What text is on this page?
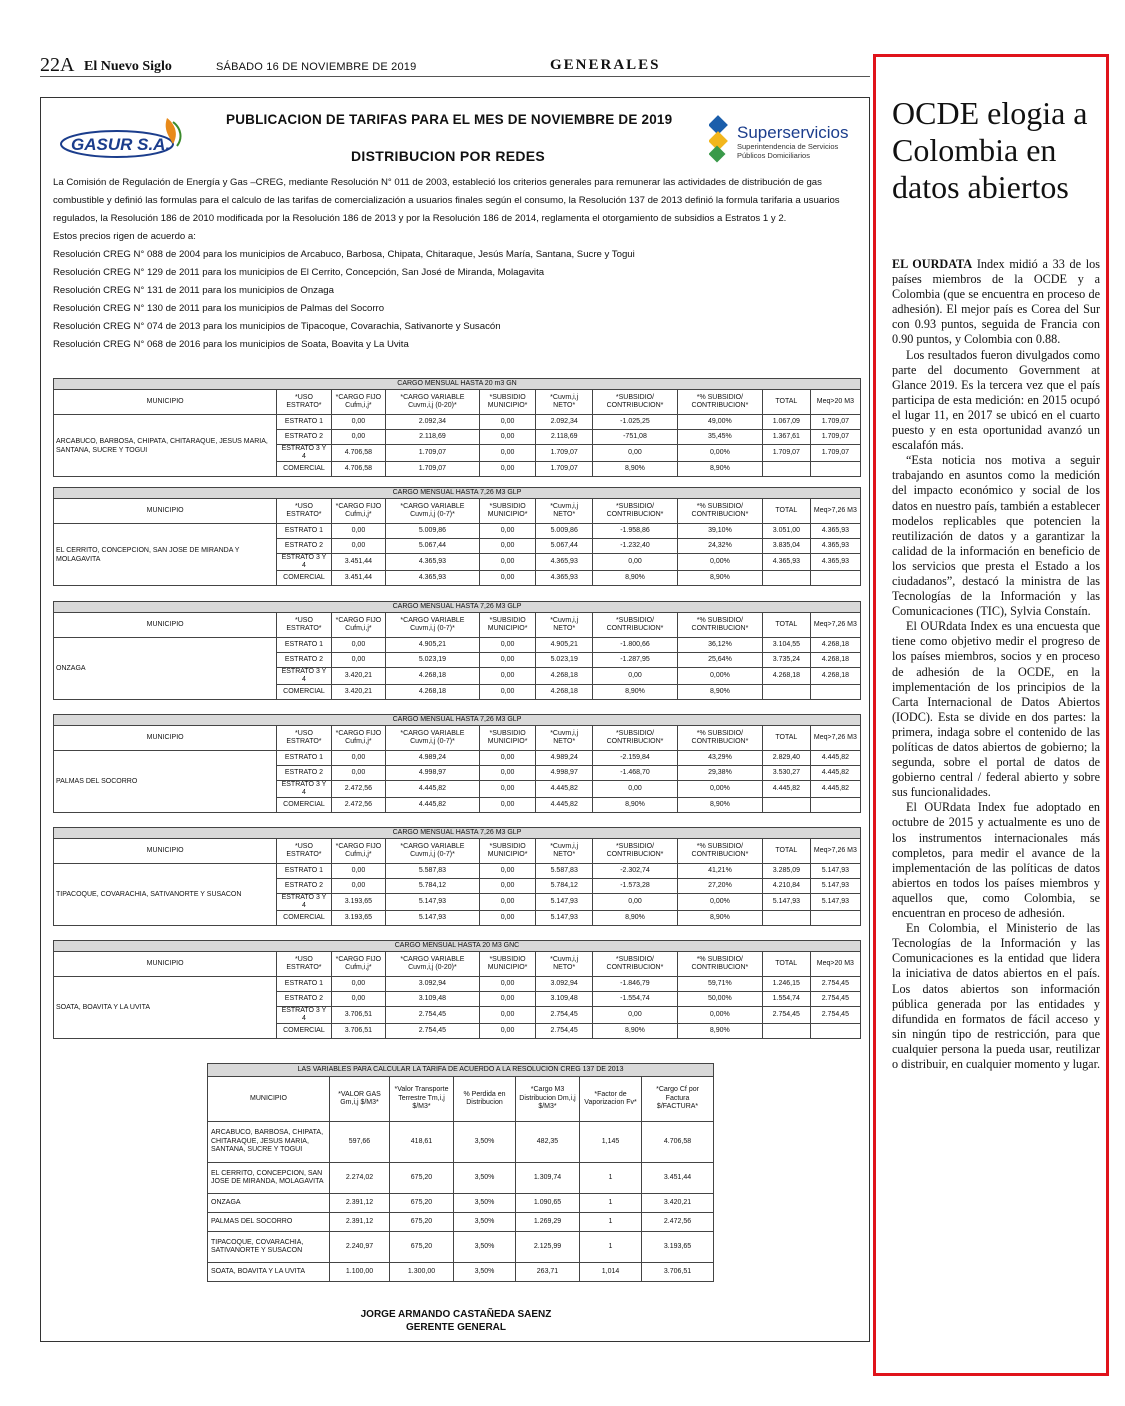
22A El Nuevo Siglo	SÁBADO 16 DE NOVIEMBRE DE 2019	GENERALES
GASUR S.A.
PUBLICACION DE TARIFAS PARA EL MES DE NOVIEMBRE DE 2019
Superservicios
Superintendencia de Servicios
Públicos Domiciliarios
DISTRIBUCION POR REDES

La Comisión de Regulación de Energía y Gas –CREG, mediante Resolución N° 011 de 2003, estableció los criterios generales para remunerar las actividades de distribución de gas combustible y definió las formulas para el calculo de las tarifas de comercialización a usuarios finales según el consumo, la Resolución 137 de 2013 definió la formula tarifaria a usuarios regulados, la Resolución 186 de 2010 modificada por la Resolución 186 de 2013 y por la Resolución 186 de 2014, reglamenta el otorgamiento de subsidios a Estratos 1 y 2.

Estos precios rigen de acuerdo a:

Resolución CREG N° 088 de 2004 para los municipios de Arcabuco, Barbosa, Chipata, Chitaraque, Jesús María, Santana, Sucre y Togui

Resolución CREG N° 129 de 2011 para los municipios de El Cerrito, Concepción, San José de Miranda, Molagavita

Resolución CREG N° 131 de 2011 para los municipios de Onzaga

Resolución CREG N° 130 de 2011 para los municipios de Palmas del Socorro

Resolución CREG N° 074 de 2013 para los municipios de Tipacoque, Covarachia, Sativanorte y Susacón

Resolución CREG N° 068 de 2016 para los municipios de Soata, Boavita y La Uvita

CARGO MENSUAL HASTA 20 m3 GN									
MUNICIPIO	*USO ESTRATO*	*CARGO FIJO Cufm,i,j*	*CARGO VARIABLE Cuvm,i,j (0-20)*	*SUBSIDIO MUNICIPIO*	*Cuvm,i,j NETO*	*SUBSIDIO/ CONTRIBUCION*	*% SUBSIDIO/ CONTRIBUCION*	TOTAL	Meq>20 M3
ARCABUCO, BARBOSA, CHIPATA, CHITARAQUE, JESUS MARIA, SANTANA, SUCRE Y TOGUI	ESTRATO 1	0,00	2.092,34	0,00	2.092,34	-1.025,25	49,00%	1.067,09	1.709,07
	ESTRATO 2	0,00	2.118,69	0,00	2.118,69	-751,08	35,45%	1.367,61	1.709,07
	ESTRATO 3 Y 4	4.706,58	1.709,07	0,00	1.709,07	0,00	0,00%	1.709,07	1.709,07
	COMERCIAL	4.706,58	1.709,07	0,00	1.709,07	8,90%	8,90%		
CARGO MENSUAL HASTA 7,26 M3 GLP									
MUNICIPIO	*USO ESTRATO*	*CARGO FIJO Cufm,i,j*	*CARGO VARIABLE Cuvm,i,j (0-7)*	*SUBSIDIO MUNICIPIO*	*Cuvm,i,j NETO*	*SUBSIDIO/ CONTRIBUCION*	*% SUBSIDIO/ CONTRIBUCION*	TOTAL	Meq>7,26 M3
EL CERRITO, CONCEPCION, SAN JOSE DE MIRANDA Y MOLAGAVITA	ESTRATO 1	0,00	5.009,86	0,00	5.009,86	-1.958,86	39,10%	3.051,00	4.365,93
	ESTRATO 2	0,00	5.067,44	0,00	5.067,44	-1.232,40	24,32%	3.835,04	4.365,93
	ESTRATO 3 Y 4	3.451,44	4.365,93	0,00	4.365,93	0,00	0,00%	4.365,93	4.365,93
	COMERCIAL	3.451,44	4.365,93	0,00	4.365,93	8,90%	8,90%		
CARGO MENSUAL HASTA 7,26 M3 GLP									
MUNICIPIO	*USO ESTRATO*	*CARGO FIJO Cufm,i,j*	*CARGO VARIABLE Cuvm,i,j (0-7)*	*SUBSIDIO MUNICIPIO*	*Cuvm,i,j NETO*	*SUBSIDIO/ CONTRIBUCION*	*% SUBSIDIO/ CONTRIBUCION*	TOTAL	Meq>7,26 M3
ONZAGA	ESTRATO 1	0,00	4.905,21	0,00	4.905,21	-1.800,66	36,12%	3.104,55	4.268,18
	ESTRATO 2	0,00	5.023,19	0,00	5.023,19	-1.287,95	25,64%	3.735,24	4.268,18
	ESTRATO 3 Y 4	3.420,21	4.268,18	0,00	4.268,18	0,00	0,00%	4.268,18	4.268,18
	COMERCIAL	3.420,21	4.268,18	0,00	4.268,18	8,90%	8,90%		
CARGO MENSUAL HASTA 7,26 M3 GLP									
MUNICIPIO	*USO ESTRATO*	*CARGO FIJO Cufm,i,j*	*CARGO VARIABLE Cuvm,i,j (0-7)*	*SUBSIDIO MUNICIPIO*	*Cuvm,i,j NETO*	*SUBSIDIO/ CONTRIBUCION*	*% SUBSIDIO/ CONTRIBUCION*	TOTAL	Meq>7,26 M3
PALMAS DEL SOCORRO	ESTRATO 1	0,00	4.989,24	0,00	4.989,24	-2.159,84	43,29%	2.829,40	4.445,82
	ESTRATO 2	0,00	4.998,97	0,00	4.998,97	-1.468,70	29,38%	3.530,27	4.445,82
	ESTRATO 3 Y 4	2.472,56	4.445,82	0,00	4.445,82	0,00	0,00%	4.445,82	4.445,82
	COMERCIAL	2.472,56	4.445,82	0,00	4.445,82	8,90%	8,90%		
CARGO MENSUAL HASTA 7,26 M3 GLP									
MUNICIPIO	*USO ESTRATO*	*CARGO FIJO Cufm,i,j*	*CARGO VARIABLE Cuvm,i,j (0-7)*	*SUBSIDIO MUNICIPIO*	*Cuvm,i,j NETO*	*SUBSIDIO/ CONTRIBUCION*	*% SUBSIDIO/ CONTRIBUCION*	TOTAL	Meq>7,26 M3
TIPACOQUE, COVARACHIA, SATIVANORTE Y SUSACON	ESTRATO 1	0,00	5.587,83	0,00	5.587,83	-2.302,74	41,21%	3.285,09	5.147,93
	ESTRATO 2	0,00	5.784,12	0,00	5.784,12	-1.573,28	27,20%	4.210,84	5.147,93
	ESTRATO 3 Y 4	3.193,65	5.147,93	0,00	5.147,93	0,00	0,00%	5.147,93	5.147,93
	COMERCIAL	3.193,65	5.147,93	0,00	5.147,93	8,90%	8,90%		
CARGO MENSUAL HASTA 20 M3 GNC									
MUNICIPIO	*USO ESTRATO*	*CARGO FIJO Cufm,i,j*	*CARGO VARIABLE Cuvm,i,j (0-20)*	*SUBSIDIO MUNICIPIO*	*Cuvm,i,j NETO*	*SUBSIDIO/ CONTRIBUCION*	*% SUBSIDIO/ CONTRIBUCION*	TOTAL	Meq>20 M3
SOATA, BOAVITA Y LA UVITA	ESTRATO 1	0,00	3.092,94	0,00	3.092,94	-1.846,79	59,71%	1.246,15	2.754,45
	ESTRATO 2	0,00	3.109,48	0,00	3.109,48	-1.554,74	50,00%	1.554,74	2.754,45
	ESTRATO 3 Y 4	3.706,51	2.754,45	0,00	2.754,45	0,00	0,00%	2.754,45	2.754,45
	COMERCIAL	3.706,51	2.754,45	0,00	2.754,45	8,90%	8,90%		
LAS VARIABLES PARA CALCULAR LA TARIFA DE ACUERDO A LA RESOLUCION CREG 137 DE 2013						
MUNICIPIO	*VALOR GAS Gm,i,j $/M3*	*Valor Transporte Terrestre Tm,i,j $/M3*	% Perdida en Distribucion	*Cargo M3 Distribucion Dm,i,j $/M3*	*Factor de Vaporizacion Fv*	*Cargo Cf por Factura $/FACTURA*
ARCABUCO, BARBOSA, CHIPATA, CHITARAQUE, JESUS MARIA, SANTANA, SUCRE Y TOGUI	597,66	418,61	3,50%	482,35	1,145	4.706,58
EL CERRITO, CONCEPCION, SAN JOSE DE MIRANDA, MOLAGAVITA	2.274,02	675,20	3,50%	1.309,74	1	3.451,44
ONZAGA	2.391,12	675,20	3,50%	1.090,65	1	3.420,21
PALMAS DEL SOCORRO	2.391,12	675,20	3,50%	1.269,29	1	2.472,56
TIPACOQUE, COVARACHIA, SATIVANORTE Y SUSACON	2.240,97	675,20	3,50%	2.125,99	1	3.193,65
SOATA, BOAVITA Y LA UVITA	1.100,00	1.300,00	3,50%	263,71	1,014	3.706,51
JORGE ARMANDO CASTAÑEDA SAENZ
GERENTE GENERAL
OCDE elogia a Colombia en datos abiertos

EL OURDATA Index midió a 33 de los países miembros de la OCDE y a Colombia (que se encuentra en proceso de adhesión). El mejor país es Corea del Sur con 0.93 puntos, seguida de Francia con 0.90 puntos, y Colombia con 0.88.

Los resultados fueron divulgados como parte del documento Government at Glance 2019. Es la tercera vez que el país participa de esta medición: en 2015 ocupó el lugar 11, en 2017 se ubicó en el cuarto puesto y en esta oportunidad avanzó un escalafón más.

“Esta noticia nos motiva a seguir trabajando en asuntos como la medición del impacto económico y social de los datos en nuestro país, también a establecer modelos replicables que potencien la reutilización de datos y a garantizar la calidad de la información en beneficio de los servicios que presta el Estado a los ciudadanos”, destacó la ministra de las Tecnologías de la Información y las Comunicaciones (TIC), Sylvia Constaín.

El OURdata Index es una encuesta que tiene como objetivo medir el progreso de los países miembros, socios y en proceso de adhesión de la OCDE, en la implementación de los principios de la Carta Internacional de Datos Abiertos (IODC). Esta se divide en dos partes: la primera, indaga sobre el contenido de las políticas de datos abiertos de gobierno; la segunda, sobre el portal de datos de gobierno central / federal abierto y sobre sus funcionalidades.

El OURdata Index fue adoptado en octubre de 2015 y actualmente es uno de los instrumentos internacionales más completos, para medir el avance de la implementación de las políticas de datos abiertos en todos los países miembros y aquellos que, como Colombia, se encuentran en proceso de adhesión.

En Colombia, el Ministerio de las Tecnologías de la Información y las Comunicaciones es la entidad que lidera la iniciativa de datos abiertos en el país. Los datos abiertos son información pública generada por las entidades y difundida en formatos de fácil acceso y sin ningún tipo de restricción, para que cualquier persona la pueda usar, reutilizar o distribuir, en cualquier momento y lugar.
